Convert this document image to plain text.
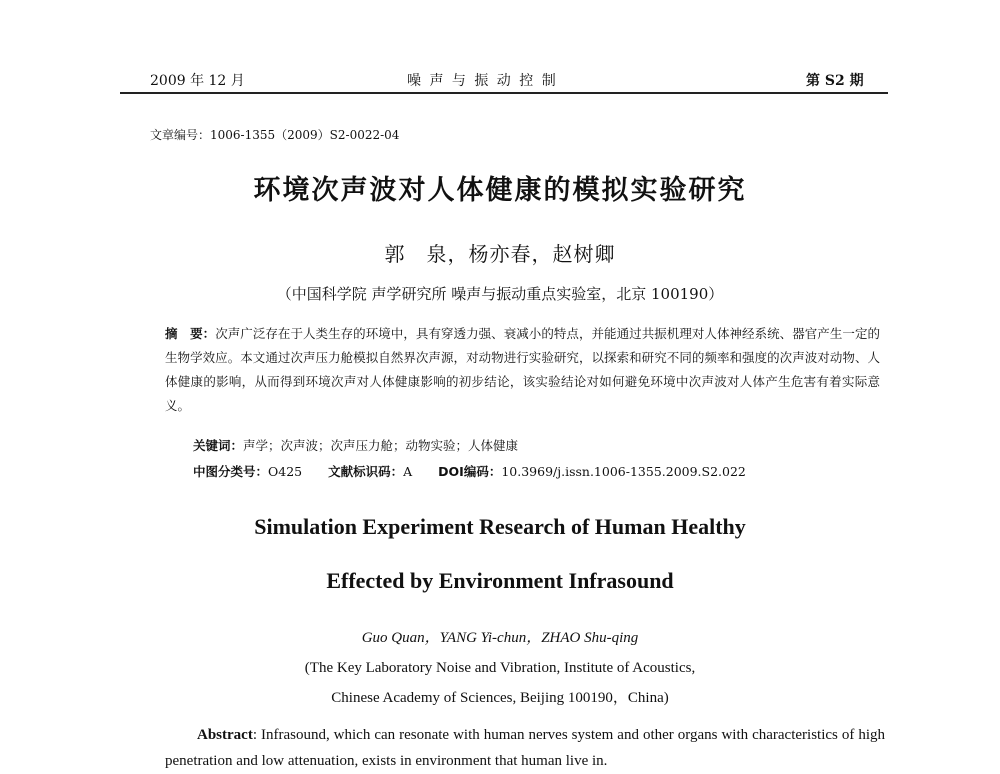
2009 年 12 月	噪 声 与 振 动 控 制	第 S2 期
文章编号：1006-1355（2009）S2-0022-04
环境次声波对人体健康的模拟实验研究
郭　泉，杨亦春，赵树卿
（中国科学院 声学研究所 噪声与振动重点实验室，北京 100190）
摘　要：次声广泛存在于人类生存的环境中，具有穿透力强、衰减小的特点，并能通过共振机理对人体神经系统、器官产生一定的生物学效应。本文通过次声压力舱模拟自然界次声源，对动物进行实验研究，以探索和研究不同的频率和强度的次声波对动物、人体健康的影响，从而得到环境次声对人体健康影响的初步结论，该实验结论对如何避免环境中次声波对人体产生危害有着实际意义。
关键词：声学；次声波；次声压力舱；动物实验；人体健康
中图分类号：O425 文献标识码：A DOI编码：10.3969/j.issn.1006-1355.2009.S2.022
Simulation Experiment Research of Human Healthy
Effected by Environment Infrasound
Guo Quan，YANG Yi-chun，ZHAO Shu-qing
(The Key Laboratory Noise and Vibration, Institute of Acoustics,
Chinese Academy of Sciences, Beijing 100190，China)
Abstract: Infrasound, which can resonate with human nerves system and other organs with characteristics of high penetration and low attenuation, exists in environment that human live in.
